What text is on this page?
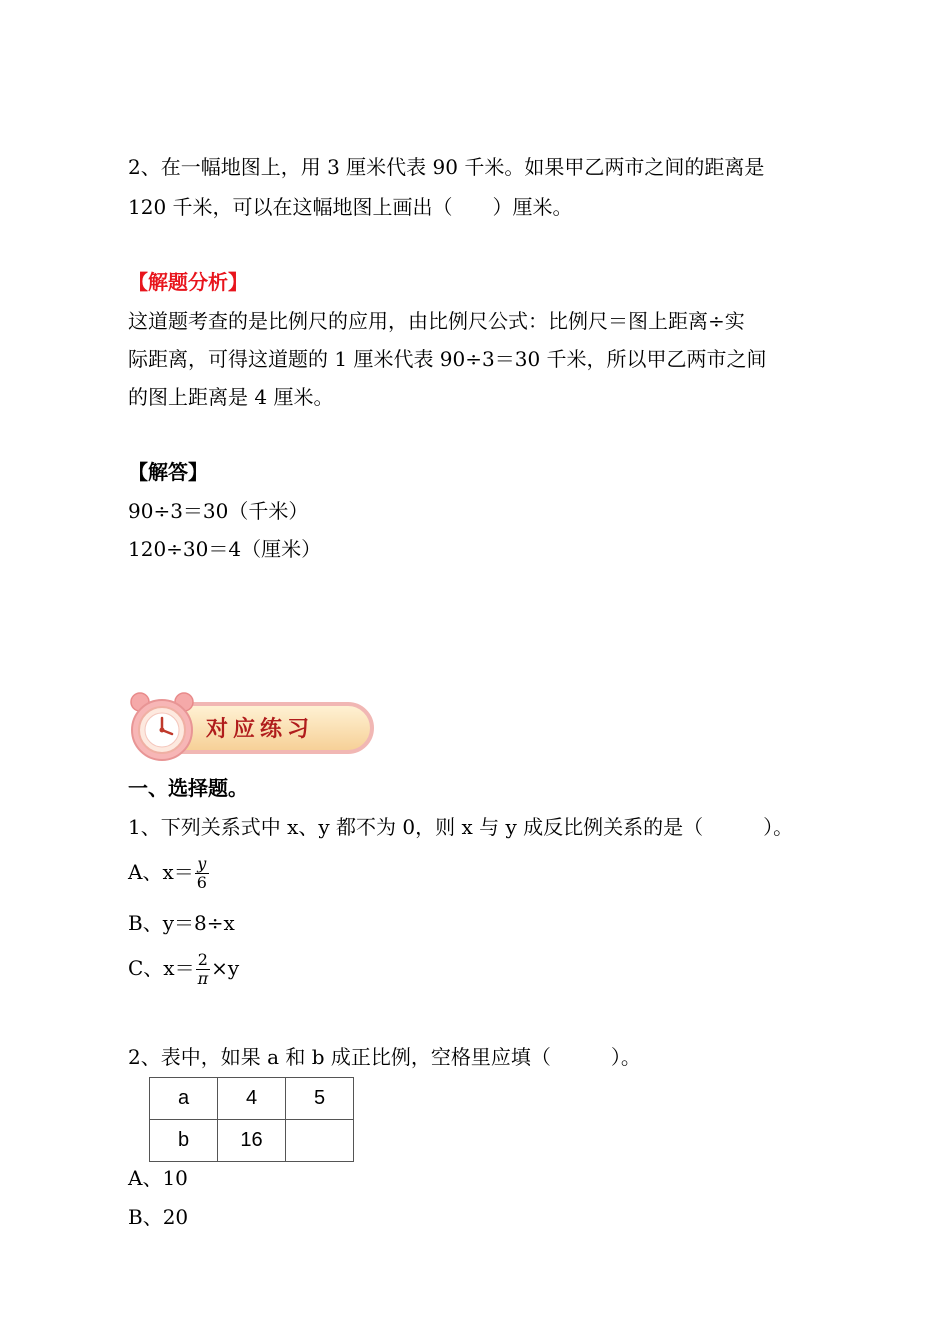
2、在一幅地图上，用 3 厘米代表 90 千米。如果甲乙两市之间的距离是
120 千米，可以在这幅地图上画出（　　）厘米。
【解题分析】
这道题考查的是比例尺的应用，由比例尺公式：比例尺＝图上距离÷实
际距离，可得这道题的 1 厘米代表 90÷3＝30 千米，所以甲乙两市之间
的图上距离是 4 厘米。
【解答】
90÷3＝30（千米）
120÷30＝4（厘米）
对应练习
一、选择题。
1、下列关系式中 x、y 都不为 0，则 x 与 y 成反比例关系的是（　　　）。
A、$x= \frac{y}{6}$
B、y＝8÷x
C、$x= \frac{2}{\pi} \times y$
2、表中，如果 a 和 b 成正比例，空格里应填（　　　）。
a	4	5
b	16	
A、10
B、20
